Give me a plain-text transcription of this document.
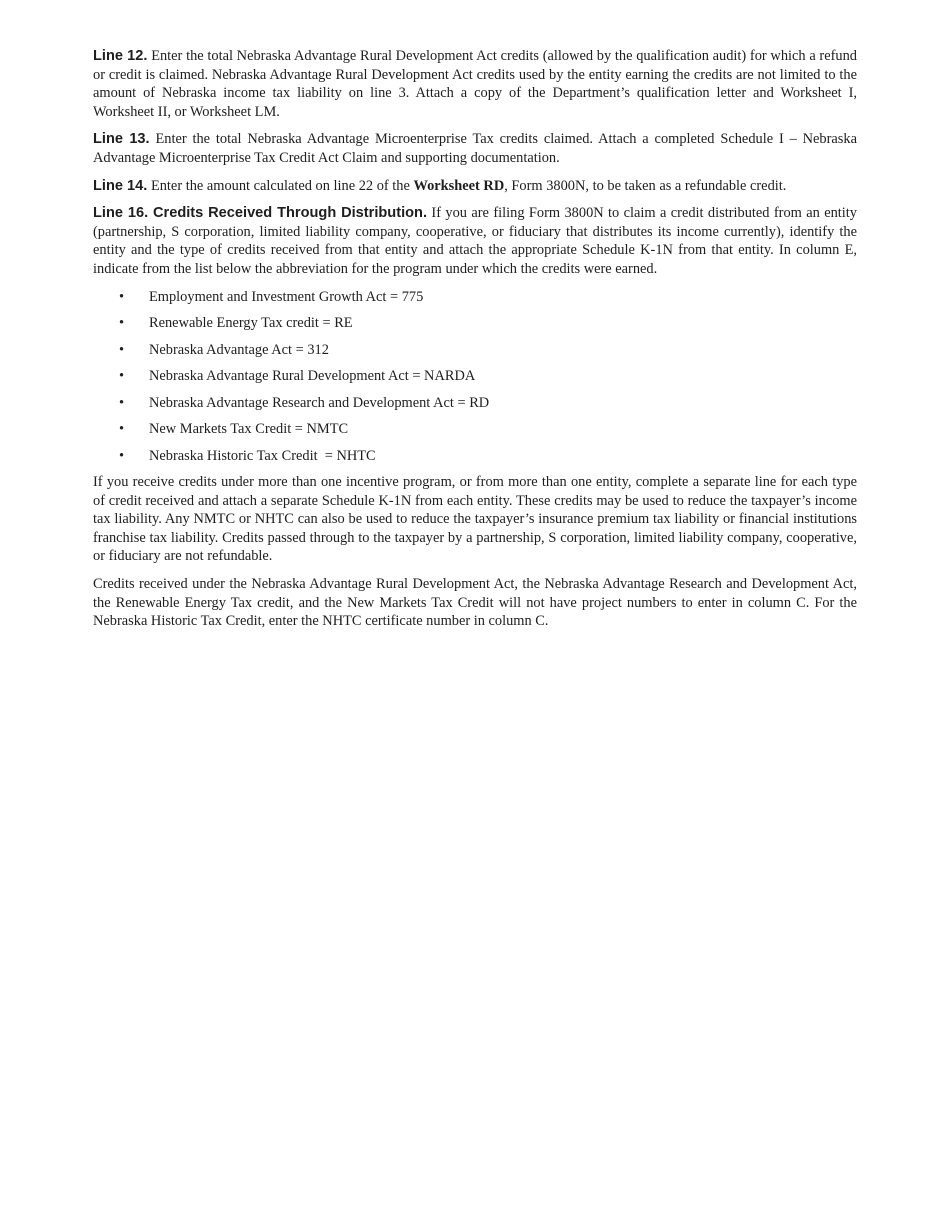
Line 12. Enter the total Nebraska Advantage Rural Development Act credits (allowed by the qualification audit) for which a refund or credit is claimed. Nebraska Advantage Rural Development Act credits used by the entity earning the credits are not limited to the amount of Nebraska income tax liability on line 3. Attach a copy of the Department’s qualification letter and Worksheet I, Worksheet II, or Worksheet LM.

Line 13. Enter the total Nebraska Advantage Microenterprise Tax credits claimed. Attach a completed Schedule I – Nebraska Advantage Microenterprise Tax Credit Act Claim and supporting documentation.

Line 14. Enter the amount calculated on line 22 of the Worksheet RD, Form 3800N, to be taken as a refundable credit.

Line 16. Credits Received Through Distribution. If you are filing Form 3800N to claim a credit distributed from an entity (partnership, S corporation, limited liability company, cooperative, or fiduciary that distributes its income currently), identify the entity and the type of credits received from that entity and attach the appropriate Schedule K-1N from that entity. In column E, indicate from the list below the abbreviation for the program under which the credits were earned.

• Employment and Investment Growth Act = 775
• Renewable Energy Tax credit = RE
• Nebraska Advantage Act = 312
• Nebraska Advantage Rural Development Act = NARDA
• Nebraska Advantage Research and Development Act = RD
• New Markets Tax Credit = NMTC
• Nebraska Historic Tax Credit  = NHTC

If you receive credits under more than one incentive program, or from more than one entity, complete a separate line for each type of credit received and attach a separate Schedule K-1N from each entity. These credits may be used to reduce the taxpayer’s income tax liability. Any NMTC or NHTC can also be used to reduce the taxpayer’s insurance premium tax liability or financial institutions franchise tax liability. Credits passed through to the taxpayer by a partnership, S corporation, limited liability company, cooperative, or fiduciary are not refundable.

Credits received under the Nebraska Advantage Rural Development Act, the Nebraska Advantage Research and Development Act, the Renewable Energy Tax credit, and the New Markets Tax Credit will not have project numbers to enter in column C. For the Nebraska Historic Tax Credit, enter the NHTC certificate number in column C.
